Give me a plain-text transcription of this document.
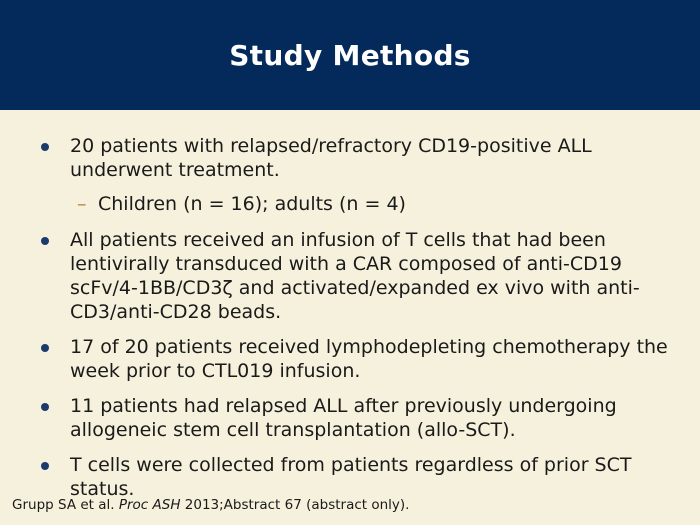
Study Methods
20 patients with relapsed/refractory CD19-positive ALL underwent treatment.
– Children (n = 16); adults (n = 4)
All patients received an infusion of T cells that had been lentivirally transduced with a CAR composed of anti-CD19 scFv/4-1BB/CD3ζ and activated/expanded ex vivo with anti-CD3/anti-CD28 beads.
17 of 20 patients received lymphodepleting chemotherapy the week prior to CTL019 infusion.
11 patients had relapsed ALL after previously undergoing allogeneic stem cell transplantation (allo-SCT).
T cells were collected from patients regardless of prior SCT status.
Grupp SA et al. Proc ASH 2013;Abstract 67 (abstract only).
